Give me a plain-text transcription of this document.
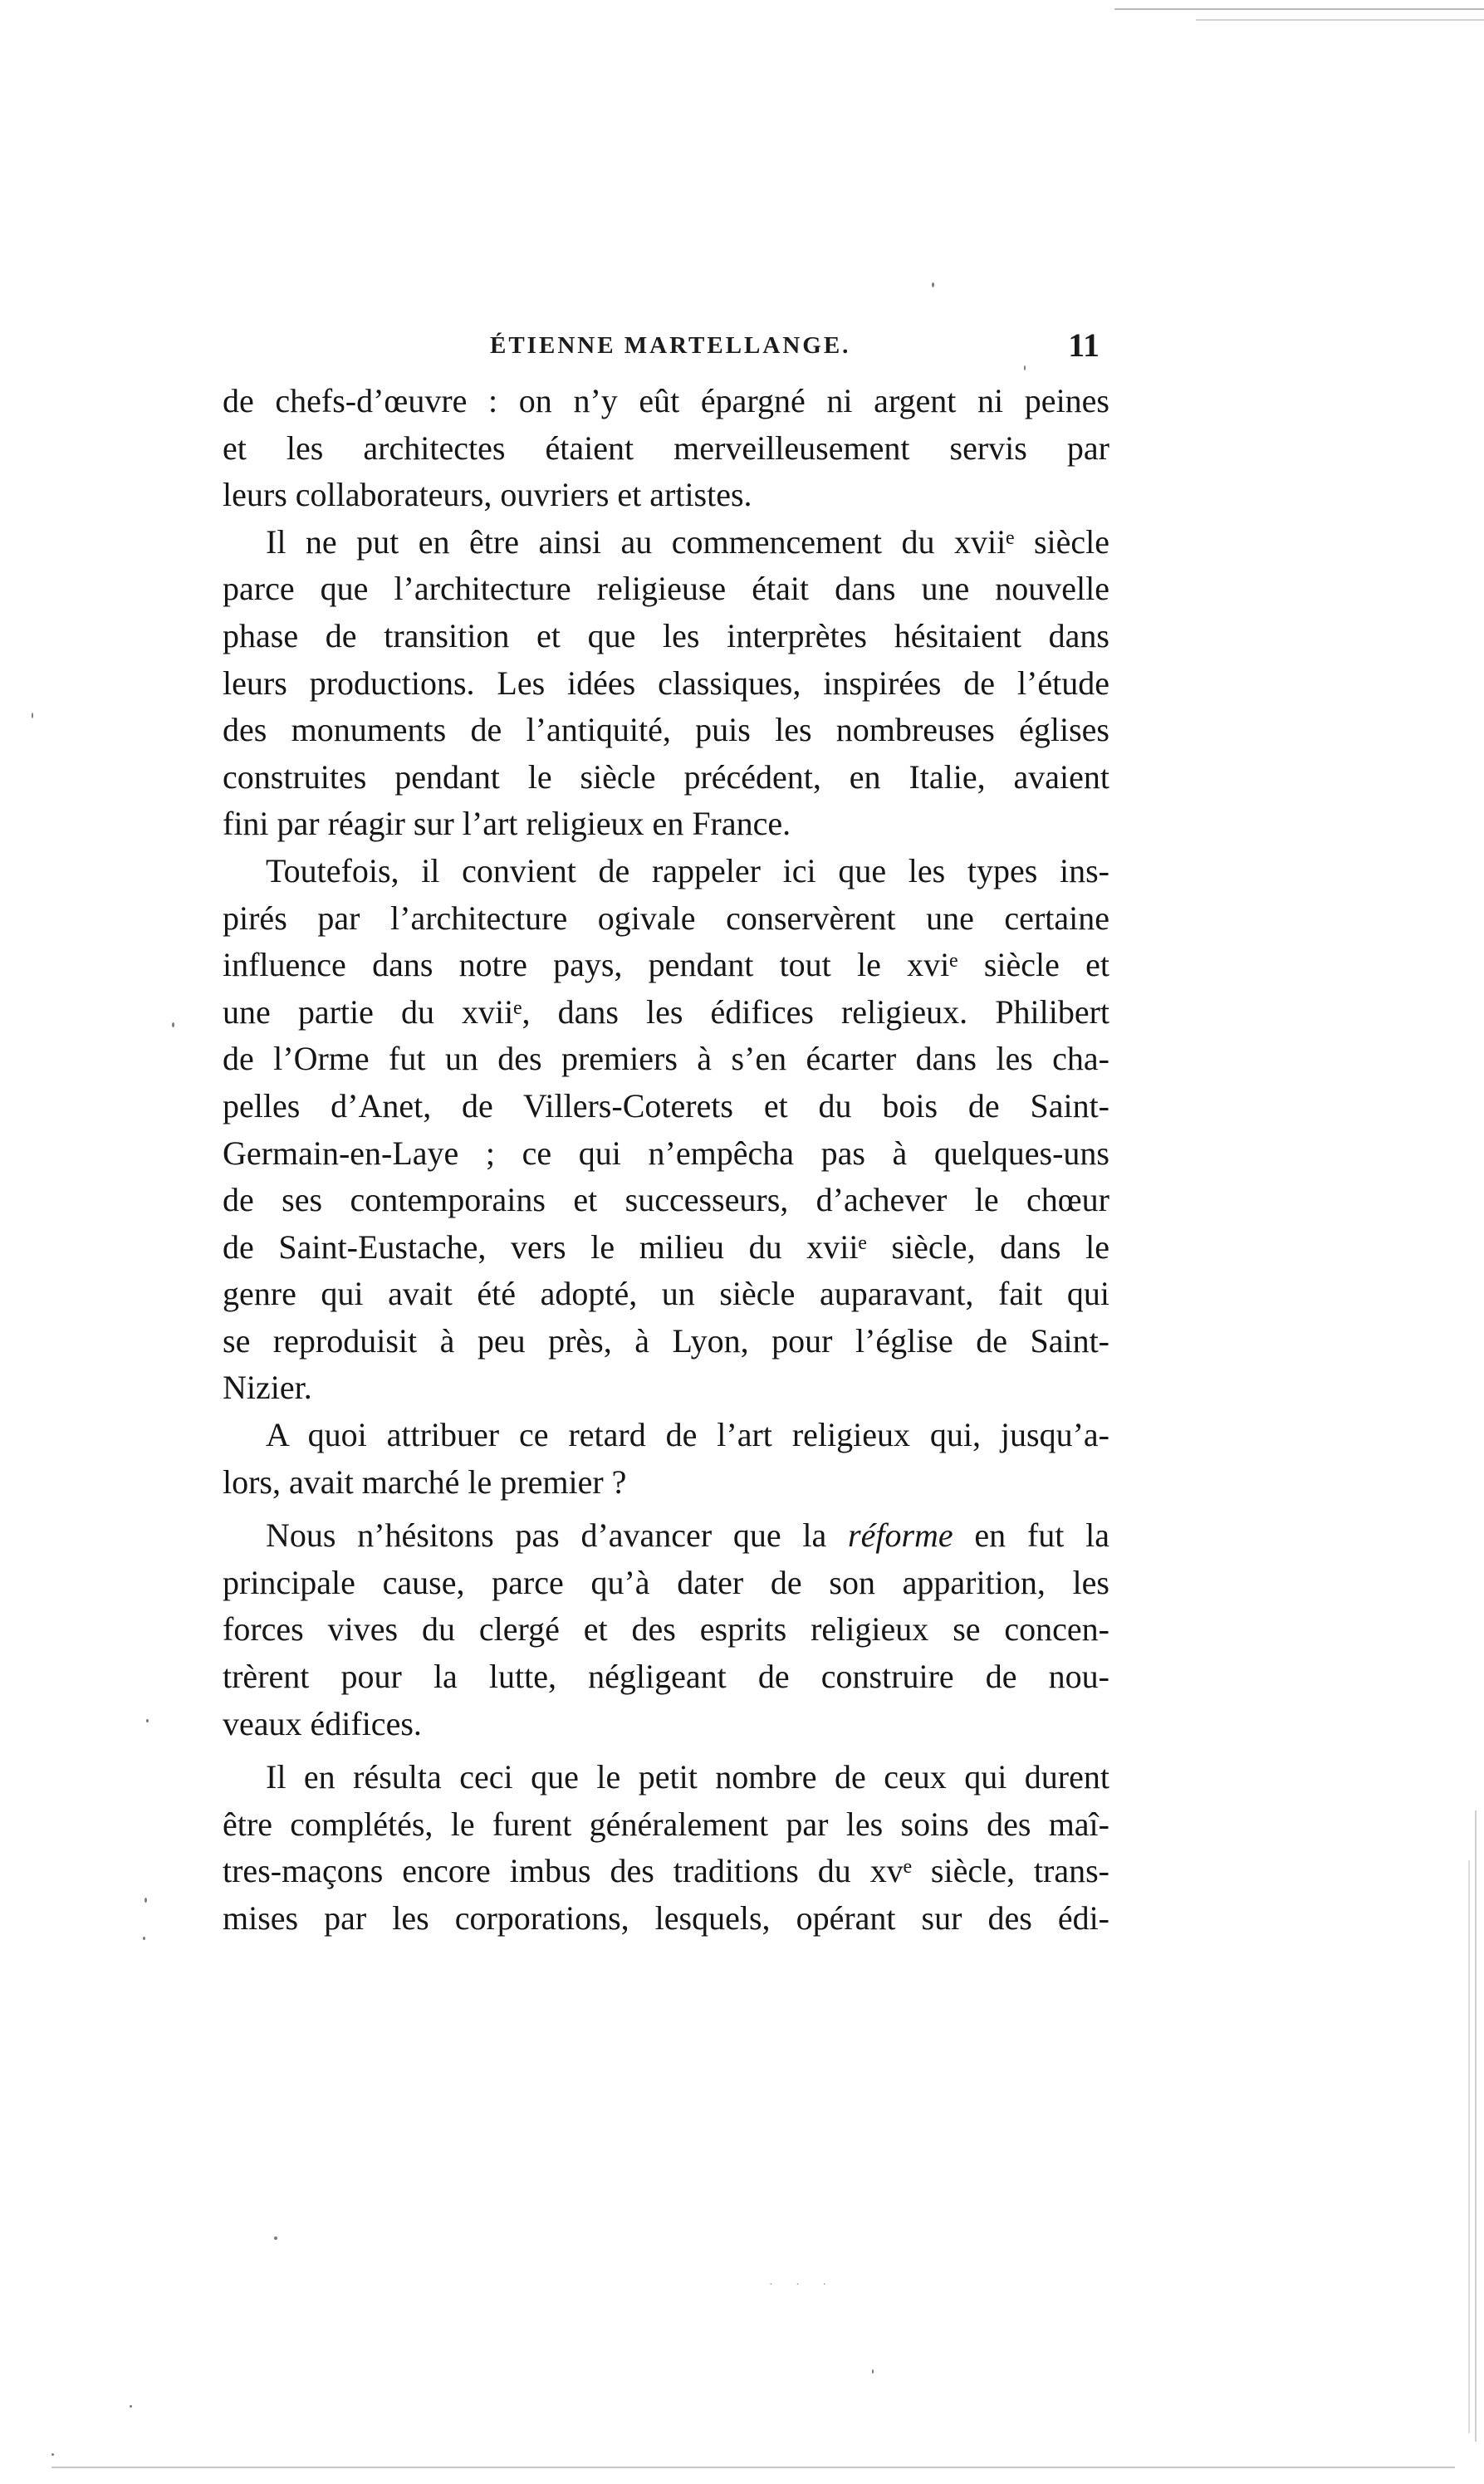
· · ·
ÉTIENNE MARTELLANGE.	11
de chefs-d’œuvre : on n’y eût épargné ni argent ni peines
et les architectes étaient merveilleusement servis par
leurs collaborateurs, ouvriers et artistes.
Il ne put en être ainsi au commencement du xviiᵉ siècle
parce que l’architecture religieuse était dans une nouvelle
phase de transition et que les interprètes hésitaient dans
leurs productions. Les idées classiques, inspirées de l’étude
des monuments de l’antiquité, puis les nombreuses églises
construites pendant le siècle précédent, en Italie, avaient
fini par réagir sur l’art religieux en France.
Toutefois, il convient de rappeler ici que les types ins-
pirés par l’architecture ogivale conservèrent une certaine
influence dans notre pays, pendant tout le xviᵉ siècle et
une partie du xviiᵉ, dans les édifices religieux. Philibert
de l’Orme fut un des premiers à s’en écarter dans les cha-
pelles d’Anet, de Villers-Coterets et du bois de Saint-
Germain-en-Laye ; ce qui n’empêcha pas à quelques-uns
de ses contemporains et successeurs, d’achever le chœur
de Saint-Eustache, vers le milieu du xviiᵉ siècle, dans le
genre qui avait été adopté, un siècle auparavant, fait qui
se reproduisit à peu près, à Lyon, pour l’église de Saint-
Nizier.
A quoi attribuer ce retard de l’art religieux qui, jusqu’a-
lors, avait marché le premier ?
Nous n’hésitons pas d’avancer que la réforme en fut la
principale cause, parce qu’à dater de son apparition, les
forces vives du clergé et des esprits religieux se concen-
trèrent pour la lutte, négligeant de construire de nou-
veaux édifices.
Il en résulta ceci que le petit nombre de ceux qui durent
être complétés, le furent généralement par les soins des maî-
tres-maçons encore imbus des traditions du xvᵉ siècle, trans-
mises par les corporations, lesquels, opérant sur des édi-
